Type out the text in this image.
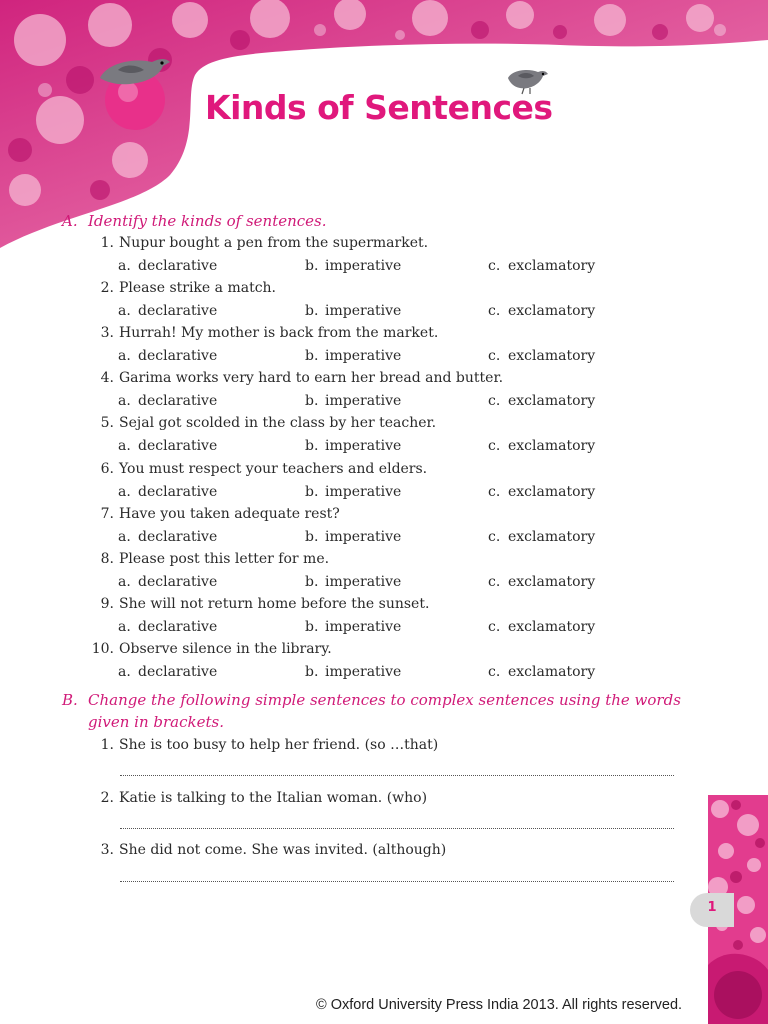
Kinds of Sentences
A. Identify the kinds of sentences.
1. Nupur bought a pen from the supermarket.
a. declarative	b. imperative	c. exclamatory
2. Please strike a match.
a. declarative	b. imperative	c. exclamatory
3. Hurrah! My mother is back from the market.
a. declarative	b. imperative	c. exclamatory
4. Garima works very hard to earn her bread and butter.
a. declarative	b. imperative	c. exclamatory
5. Sejal got scolded in the class by her teacher.
a. declarative	b. imperative	c. exclamatory
6. You must respect your teachers and elders.
a. declarative	b. imperative	c. exclamatory
7. Have you taken adequate rest?
a. declarative	b. imperative	c. exclamatory
8. Please post this letter for me.
a. declarative	b. imperative	c. exclamatory
9. She will not return home before the sunset.
a. declarative	b. imperative	c. exclamatory
10. Observe silence in the library.
a. declarative	b. imperative	c. exclamatory
B. Change the following simple sentences to complex sentences using the words
given in brackets.
1. She is too busy to help her friend. (so …that)
2. Katie is talking to the Italian woman. (who)
3. She did not come. She was invited. (although)
1
© Oxford University Press India 2013. All rights reserved.
